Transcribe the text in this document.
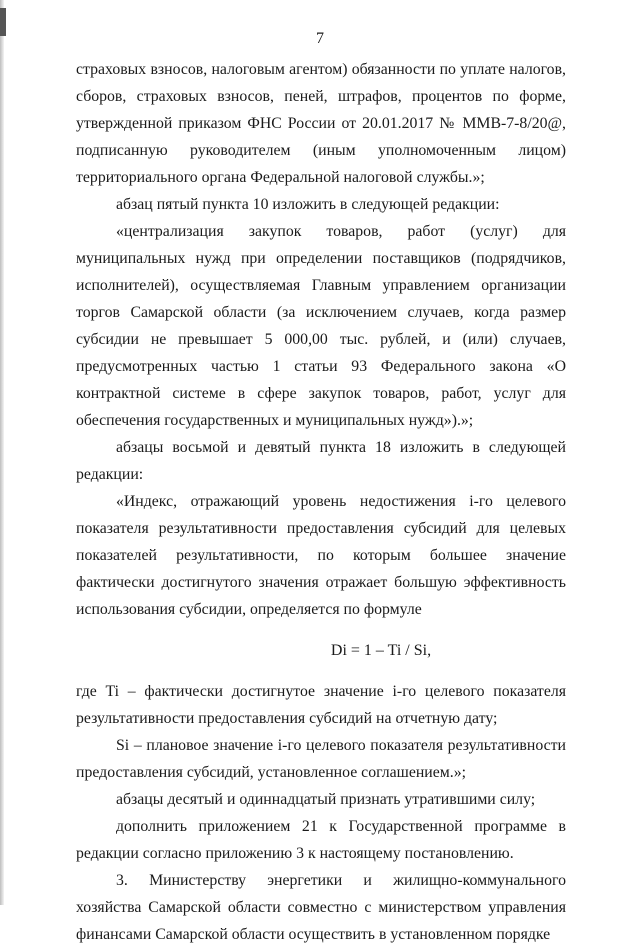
7

страховых взносов, налоговым агентом) обязанности по уплате налогов, сборов, страховых взносов, пеней, штрафов, процентов по форме, утвержденной приказом ФНС России от 20.01.2017 № ММВ-7-8/20@, подписанную руководителем (иным уполномоченным лицом) территориального органа Федеральной налоговой службы.»;

абзац пятый пункта 10 изложить в следующей редакции:

«централизация закупок товаров, работ (услуг) для муниципальных нужд при определении поставщиков (подрядчиков, исполнителей), осуществляемая Главным управлением организации торгов Самарской области (за исключением случаев, когда размер субсидии не превышает 5 000,00 тыс. рублей, и (или) случаев, предусмотренных частью 1 статьи 93 Федерального закона «О контрактной системе в сфере закупок товаров, работ, услуг для обеспечения государственных и муниципальных нужд»).»;

абзацы восьмой и девятый пункта 18 изложить в следующей редакции:

«Индекс, отражающий уровень недостижения i-го целевого показателя результативности предоставления субсидий для целевых показателей результативности, по которым большее значение фактически достигнутого значения отражает большую эффективность использования субсидии, определяется по формуле

Di = 1 – Ti / Si,

где Ti – фактически достигнутое значение i-го целевого показателя результативности предоставления субсидий на отчетную дату;

Si – плановое значение i-го целевого показателя результативности предоставления субсидий, установленное соглашением.»;

абзацы десятый и одиннадцатый признать утратившими силу;

дополнить приложением 21 к Государственной программе в редакции согласно приложению 3 к настоящему постановлению.

3. Министерству энергетики и жилищно-коммунального хозяйства Самарской области совместно с министерством управления финансами Самарской области осуществить в установленном порядке
